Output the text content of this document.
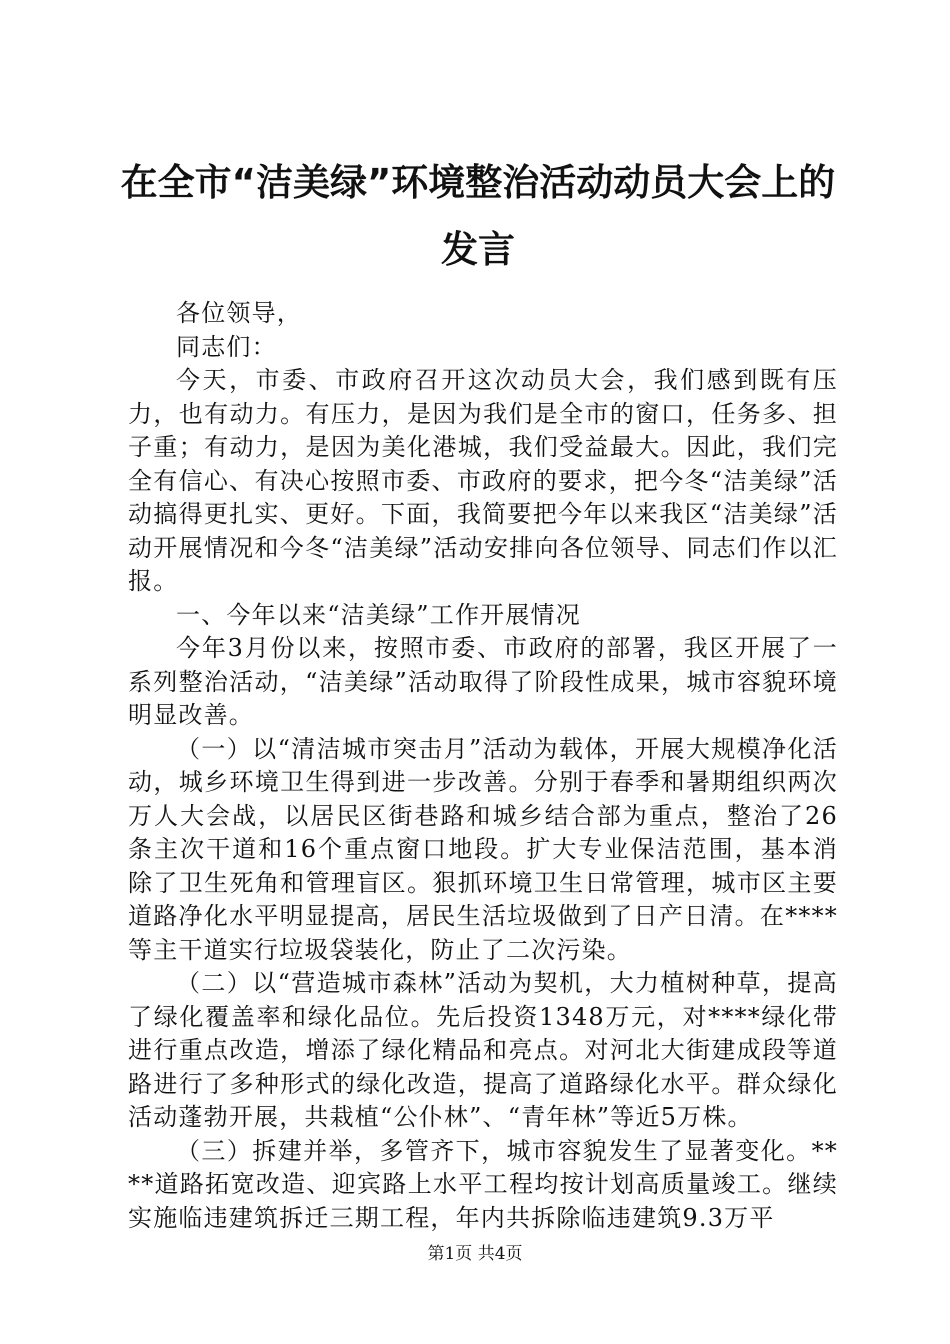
在全市“洁美绿”环境整治活动动员大会上的
发言

各位领导，

同志们：

今天，市委、市政府召开这次动员大会，我们感到既有压力，也有动力。有压力，是因为我们是全市的窗口，任务多、担子重；有动力，是因为美化港城，我们受益最大。因此，我们完全有信心、有决心按照市委、市政府的要求，把今冬“洁美绿”活动搞得更扎实、更好。下面，我简要把今年以来我区“洁美绿”活动开展情况和今冬“洁美绿”活动安排向各位领导、同志们作以汇报。

一、今年以来“洁美绿”工作开展情况

今年3月份以来，按照市委、市政府的部署，我区开展了一系列整治活动，“洁美绿”活动取得了阶段性成果，城市容貌环境明显改善。

（一）以“清洁城市突击月”活动为载体，开展大规模净化活动，城乡环境卫生得到进一步改善。分别于春季和暑期组织两次万人大会战，以居民区街巷路和城乡结合部为重点，整治了26条主次干道和16个重点窗口地段。扩大专业保洁范围，基本消除了卫生死角和管理盲区。狠抓环境卫生日常管理，城市区主要道路净化水平明显提高，居民生活垃圾做到了日产日清。在****等主干道实行垃圾袋装化，防止了二次污染。

（二）以“营造城市森林”活动为契机，大力植树种草，提高了绿化覆盖率和绿化品位。先后投资1348万元，对****绿化带进行重点改造，增添了绿化精品和亮点。对河北大街建成段等道路进行了多种形式的绿化改造，提高了道路绿化水平。群众绿化活动蓬勃开展，共栽植“公仆林”、“青年林”等近5万株。

（三）拆建并举，多管齐下，城市容貌发生了显著变化。****道路拓宽改造、迎宾路上水平工程均按计划高质量竣工。继续实施临违建筑拆迁三期工程，年内共拆除临违建筑9.3万平

第1页 共4页
